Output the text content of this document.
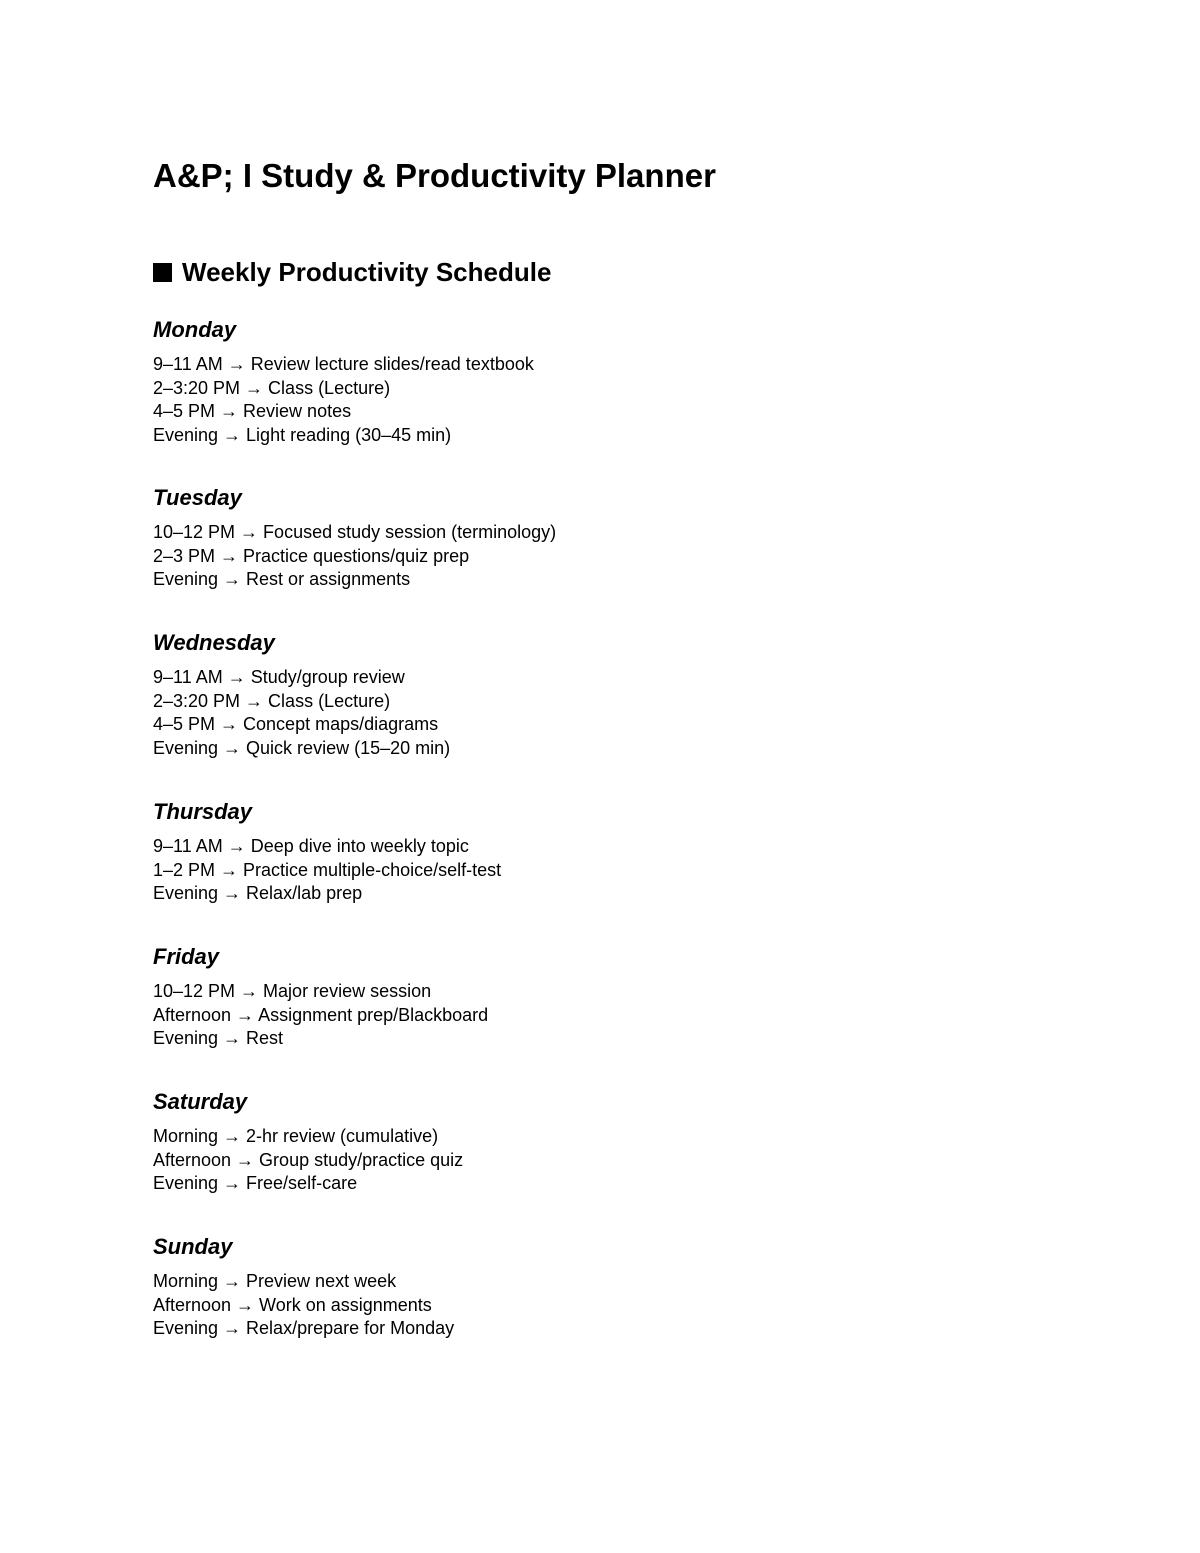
A&P; I Study & Productivity Planner
Weekly Productivity Schedule
Monday
9–11 AM → Review lecture slides/read textbook
2–3:20 PM → Class (Lecture)
4–5 PM → Review notes
Evening → Light reading (30–45 min)
Tuesday
10–12 PM → Focused study session (terminology)
2–3 PM → Practice questions/quiz prep
Evening → Rest or assignments
Wednesday
9–11 AM → Study/group review
2–3:20 PM → Class (Lecture)
4–5 PM → Concept maps/diagrams
Evening → Quick review (15–20 min)
Thursday
9–11 AM → Deep dive into weekly topic
1–2 PM → Practice multiple-choice/self-test
Evening → Relax/lab prep
Friday
10–12 PM → Major review session
Afternoon → Assignment prep/Blackboard
Evening → Rest
Saturday
Morning → 2-hr review (cumulative)
Afternoon → Group study/practice quiz
Evening → Free/self-care
Sunday
Morning → Preview next week
Afternoon → Work on assignments
Evening → Relax/prepare for Monday
